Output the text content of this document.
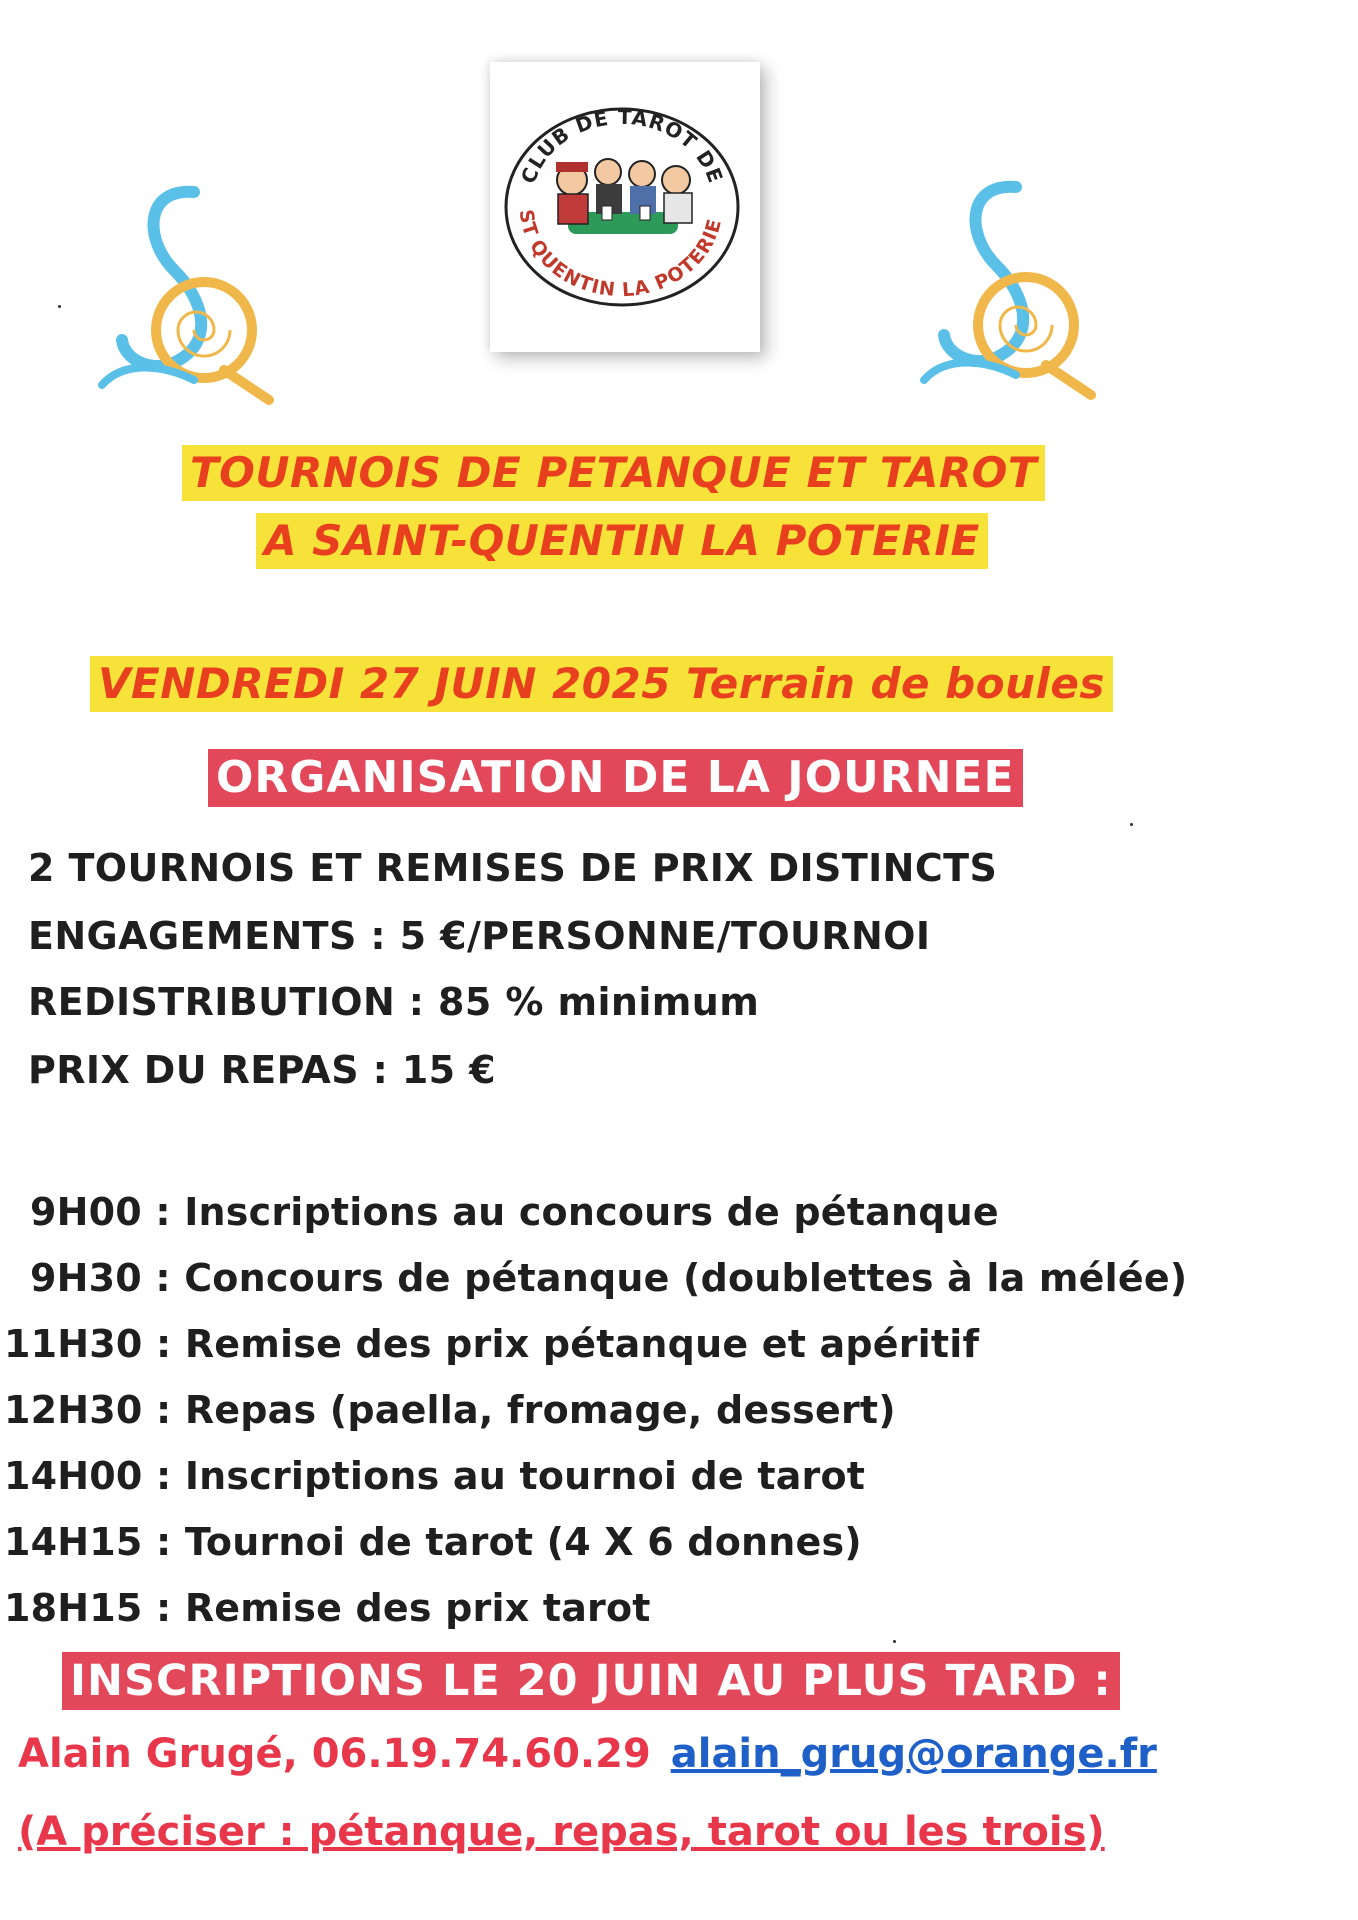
CLUB DE TAROT DE
ST QUENTIN LA POTERIE
TOURNOIS DE PETANQUE ET TAROT
A SAINT-QUENTIN LA POTERIE
VENDREDI 27 JUIN 2025 Terrain de boules
ORGANISATION DE LA JOURNEE
2 TOURNOIS ET REMISES DE PRIX DISTINCTS
ENGAGEMENTS : 5 €/PERSONNE/TOURNOI
REDISTRIBUTION : 85 % minimum
PRIX DU REPAS : 15 €
9H00 : Inscriptions au concours de pétanque
9H30 : Concours de pétanque (doublettes à la mélée)
11H30 : Remise des prix pétanque et apéritif
12H30 : Repas (paella, fromage, dessert)
14H00 : Inscriptions au tournoi de tarot
14H15 : Tournoi de tarot (4 X 6 donnes)
18H15 : Remise des prix tarot
INSCRIPTIONS LE 20 JUIN AU PLUS TARD :
Alain Grugé, 06.19.74.60.29 alain_grug@orange.fr
(A préciser : pétanque, repas, tarot ou les trois)
